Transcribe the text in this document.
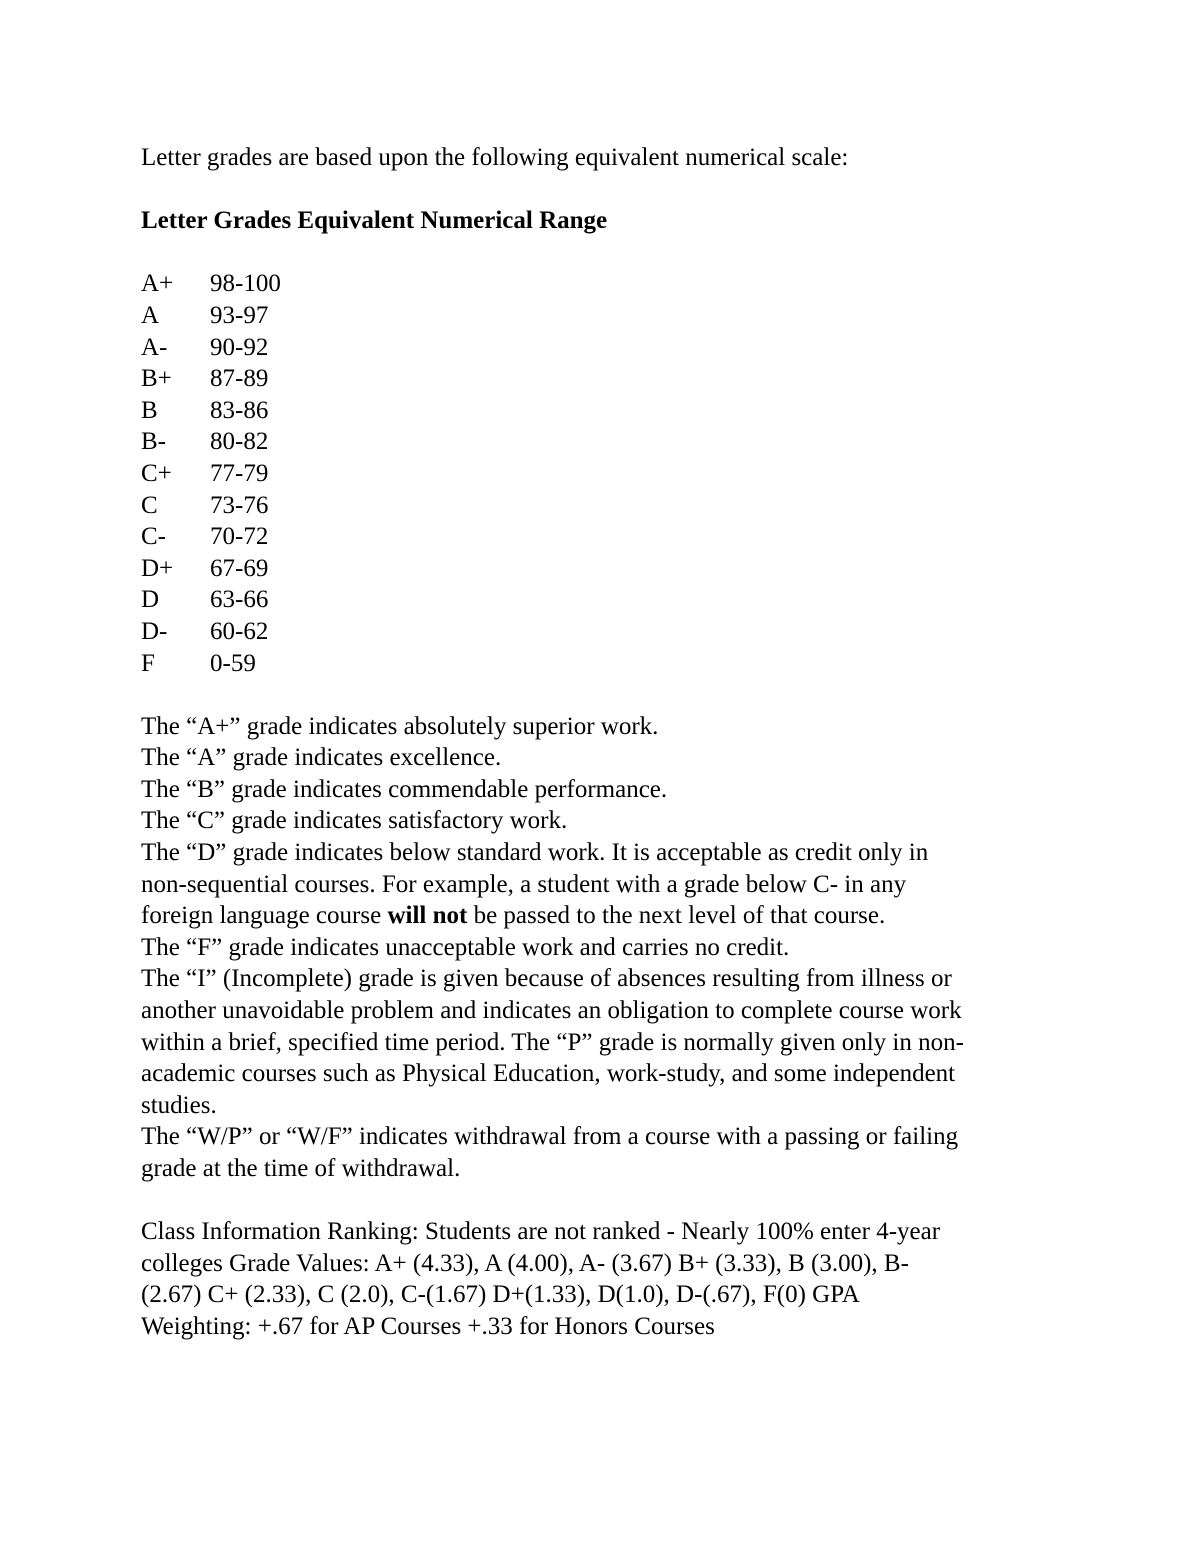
Letter grades are based upon the following equivalent numerical scale:

Letter Grades Equivalent Numerical Range

A+	98-100
A	93-97
A-	90-92
B+	87-89
B	83-86
B-	80-82
C+	77-79
C	73-76
C-	70-72
D+	67-69
D	63-66
D-	60-62
F	0-59

The “A+” grade indicates absolutely superior work.

The “A” grade indicates excellence.

The “B” grade indicates commendable performance.

The “C” grade indicates satisfactory work.

The “D” grade indicates below standard work. It is acceptable as credit only in

non-sequential courses. For example, a student with a grade below C- in any

foreign language course will not be passed to the next level of that course.

The “F” grade indicates unacceptable work and carries no credit.

The “I” (Incomplete) grade is given because of absences resulting from illness or

another unavoidable problem and indicates an obligation to complete course work

within a brief, specified time period. The “P” grade is normally given only in non-

academic courses such as Physical Education, work-study, and some independent

studies.

The “W/P” or “W/F” indicates withdrawal from a course with a passing or failing

grade at the time of withdrawal.

Class Information Ranking: Students are not ranked - Nearly 100% enter 4-year

colleges Grade Values: A+ (4.33), A (4.00), A- (3.67) B+ (3.33), B (3.00), B-

(2.67) C+ (2.33), C (2.0), C-(1.67) D+(1.33), D(1.0), D-(.67), F(0) GPA

Weighting: +.67 for AP Courses +.33 for Honors Courses
